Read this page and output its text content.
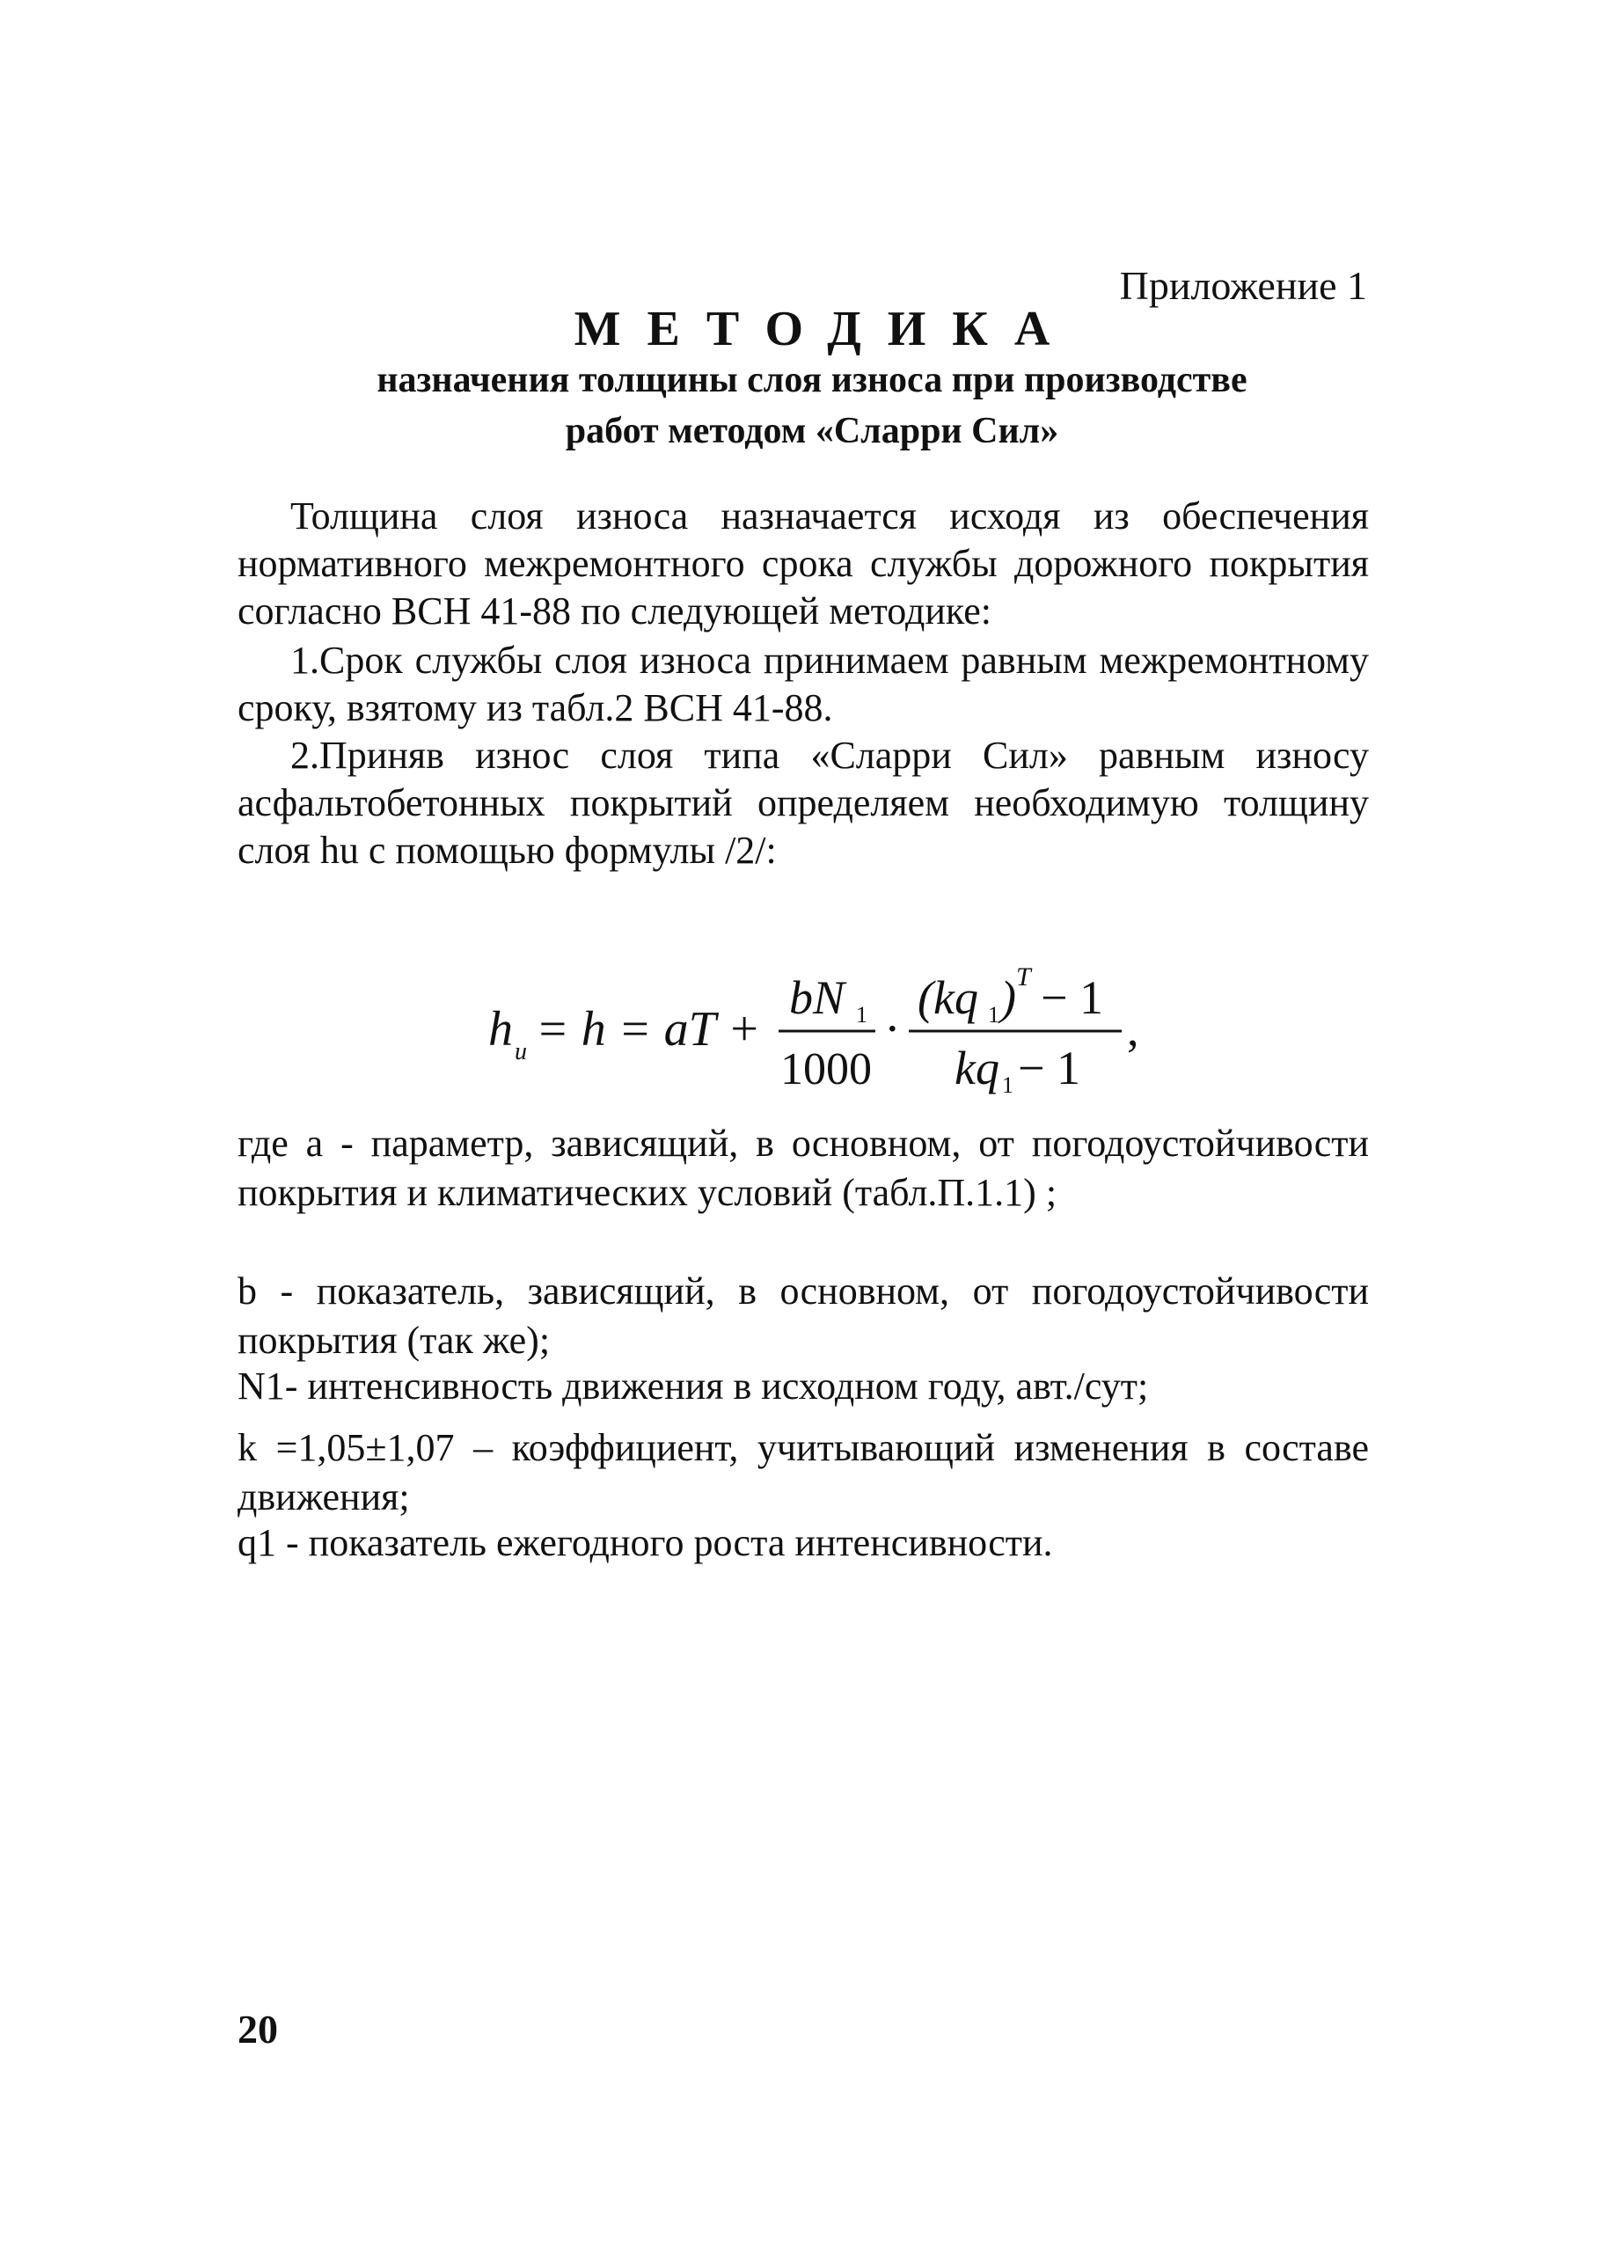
Приложение 1
МЕТОДИКА
назначения толщины слоя износа при производстве
работ методом «Сларри Сил»
Толщина слоя износа назначается исходя из обеспечения нормативного межремонтного срока службы дорожного покрытия согласно ВСН 41-88 по следующей методике:
1.Срок службы слоя износа принимаем равным межремонтному сроку, взятому из табл.2 ВСН 41-88.
2.Приняв износ слоя типа «Сларри Сил» равным износу асфальтобетонных покрытий определяем необходимую толщину слоя hu с помощью формулы /2/:
h и = h = aT +
bN 1
1000
·
(kq 1 ) T − 1
kq 1 − 1
,
где а - параметр, зависящий, в основном, от погодоустойчивости покрытия и климатических условий (табл.П.1.1) ;
b - показатель, зависящий, в основном, от погодоустойчивости покрытия (так же);
N1- интенсивность движения в исходном году, авт./сут;
k =1,05±1,07 – коэффициент, учитывающий изменения в составе движения;
q1 - показатель ежегодного роста интенсивности.
20
